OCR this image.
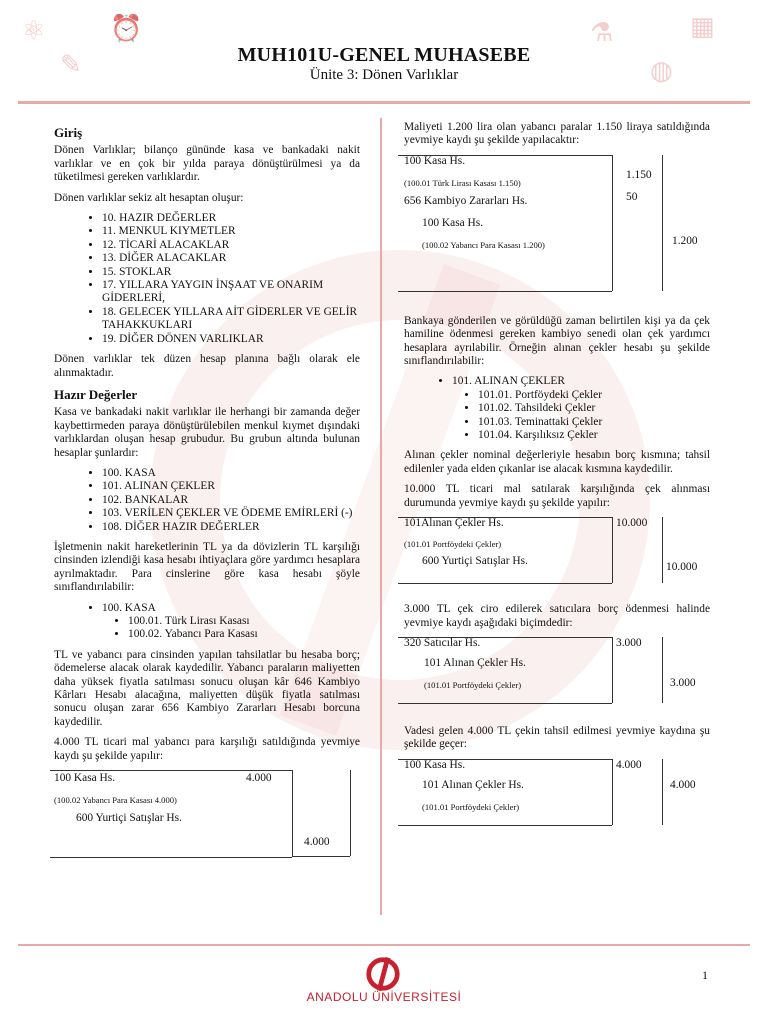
⚛ ⏰
✎
⚗	▦
◍
MUH101U-GENEL MUHASEBE
Ünite 3: Dönen Varlıklar
Giriş

Dönen Varlıklar; bilanço gününde kasa ve bankadaki nakit varlıklar ve en çok bir yılda paraya dönüştürülmesi ya da tüketilmesi gereken varlıklardır.

Dönen varlıklar sekiz alt hesaptan oluşur:

• 10. HAZIR DEĞERLER
• 11. MENKUL KIYMETLER
• 12. TİCARİ ALACAKLAR
• 13. DİĞER ALACAKLAR
• 15. STOKLAR
• 17. YILLARA YAYGIN İNŞAAT VE ONARIM GİDERLERİ,
• 18. GELECEK YILLARA AİT GİDERLER VE GELİR TAHAKKUKLARI
• 19. DİĞER DÖNEN VARLIKLAR

Dönen varlıklar tek düzen hesap planına bağlı olarak ele alınmaktadır.

Hazır Değerler

Kasa ve bankadaki nakit varlıklar ile herhangi bir zamanda değer kaybettirmeden paraya dönüştürülebilen menkul kıymet dışındaki varlıklardan oluşan hesap grubudur. Bu grubun altında bulunan hesaplar şunlardır:

• 100. KASA
• 101. ALINAN ÇEKLER
• 102. BANKALAR
• 103. VERİLEN ÇEKLER VE ÖDEME EMİRLERİ (-)
• 108. DİĞER HAZIR DEĞERLER

İşletmenin nakit hareketlerinin TL ya da dövizlerin TL karşılığı cinsinden izlendiği kasa hesabı ihtiyaçlara göre yardımcı hesaplara ayrılmaktadır. Para cinslerine göre kasa hesabı şöyle sınıflandırılabilir:

• 100. KASA
• 100.01. Türk Lirası Kasası
• 100.02. Yabancı Para Kasası

TL ve yabancı para cinsinden yapılan tahsilatlar bu hesaba borç; ödemelerse alacak olarak kaydedilir. Yabancı paraların maliyetten daha yüksek fiyatla satılması sonucu oluşan kâr 646 Kambiyo Kârları Hesabı alacağına, maliyetten düşük fiyatla satılması sonucu oluşan zarar 656 Kambiyo Zararları Hesabı borcuna kaydedilir.

4.000 TL ticari mal yabancı para karşılığı satıldığında yevmiye kaydı şu şekilde yapılır:

100 Kasa Hs.
(100.02 Yabancı Para Kasası 4.000)
600 Yurtiçi Satışlar Hs.
4.000
4.000

Maliyeti 1.200 lira olan yabancı paralar 1.150 liraya satıldığında yevmiye kaydı şu şekilde yapılacaktır:

100 Kasa Hs.
(100.01 Türk Lirası Kasası 1.150)
656 Kambiyo Zararları Hs.
100 Kasa Hs.
(100.02 Yabancı Para Kasası 1.200)
1.150
50
1.200

Bankaya gönderilen ve görüldüğü zaman belirtilen kişi ya da çek hamiline ödenmesi gereken kambiyo senedi olan çek yardımcı hesaplara ayrılabilir. Örneğin alınan çekler hesabı şu şekilde sınıflandırılabilir:

• 101. ALINAN ÇEKLER
• 101.01. Portföydeki Çekler
• 101.02. Tahsildeki Çekler
• 101.03. Teminattaki Çekler
• 101.04. Karşılıksız Çekler

Alınan çekler nominal değerleriyle hesabın borç kısmına; tahsil edilenler yada elden çıkanlar ise alacak kısmına kaydedilir.

10.000 TL ticari mal satılarak karşılığında çek alınması durumunda yevmiye kaydı şu şekilde yapılır:

101Alınan Çekler Hs.
(101.01 Portföydeki Çekler)
600 Yurtiçi Satışlar Hs.
10.000
10.000

3.000 TL çek ciro edilerek satıcılara borç ödenmesi halinde yevmiye kaydı aşağıdaki biçimdedir:

320 Satıcılar Hs.
101 Alınan Çekler Hs.
(101.01 Portföydeki Çekler)
3.000
3.000

Vadesi gelen 4.000 TL çekin tahsil edilmesi yevmiye kaydına şu şekilde geçer:

100 Kasa Hs.
101 Alınan Çekler Hs.
(101.01 Portföydeki Çekler)
4.000
4.000
1
ANADOLU ÜNİVERSİTESİ
